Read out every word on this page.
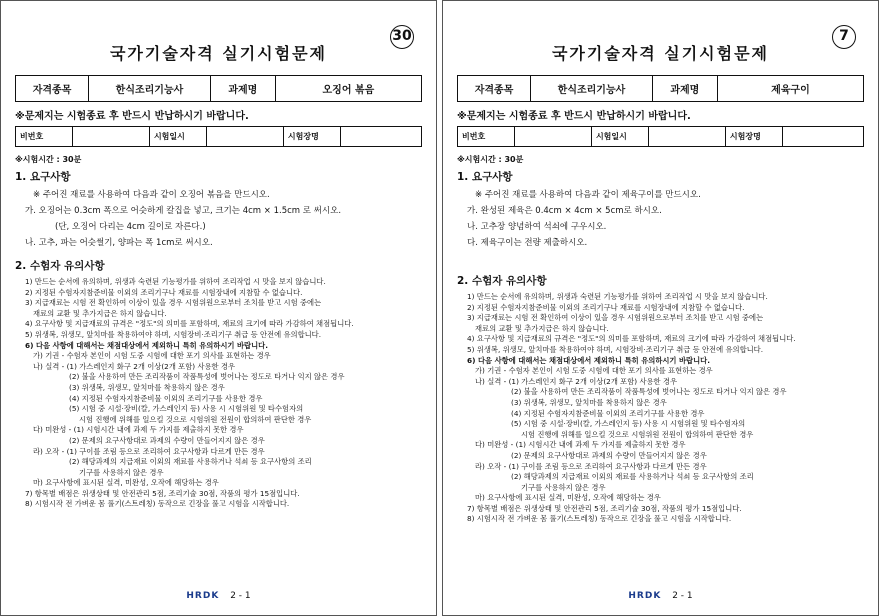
30
국가기술자격 실기시험문제
자격종목	한식조리기능사	과제명	오징어 볶음
※문제지는 시험종료 후 반드시 반납하시기 바랍니다.
비번호		시험일시		시험장명	
※시험시간 : 30분
1. 요구사항
※ 주어진 재료를 사용하여 다음과 같이 오징어 볶음을 만드시오.
가. 오징어는 0.3cm 폭으로 어슷하게 칼집을 넣고, 크기는 4cm × 1.5cm 로 써시오.
(단, 오징어 다리는 4cm 길이로 자른다.)
나. 고추, 파는 어슷썰기, 양파는 폭 1cm로 써시오.
2. 수험자 유의사항
1) 만드는 순서에 유의하며, 위생과 숙련된 기능평가를 위하여 조리작업 시 맛을 보지 않습니다.
2) 지정된 수험자지참준비물 이외의 조리기구나 재료를 시험장내에 지참할 수 없습니다.
3) 지급재료는 시험 전 확인하여 이상이 있을 경우 시험위원으로부터 조치를 받고 시험 중에는
재료의 교환 및 추가지급은 하지 않습니다.
4) 요구사항 및 지급재료의 규격은 "정도"의 의미를 포함하며, 재료의 크기에 따라 가감하여 채점됩니다.
5) 위생복, 위생모, 앞치마를 착용하여야 하며, 시험장비·조리기구 취급 등 안전에 유의합니다.
6) 다음 사항에 대해서는 채점대상에서 제외하니 특히 유의하시기 바랍니다.
가) 기권 - 수험자 본인이 시험 도중 시험에 대한 포기 의사를 표현하는 경우
나) 실격 - (1) 가스레인지 화구 2개 이상(2개 포함) 사용한 경우
(2) 불을 사용하여 만든 조리작품이 작품특성에 벗어나는 정도로 타거나 익지 않은 경우
(3) 위생복, 위생모, 앞치마를 착용하지 않은 경우
(4) 지정된 수험자지참준비물 이외의 조리기구를 사용한 경우
(5) 시험 중 시설·장비(칼, 가스레인지 등) 사용 시 시험위원 및 타수험자의
시험 진행에 위해를 일으킬 것으로 시험위원 전원이 합의하여 판단한 경우
다) 미완성 - (1) 시험시간 내에 과제 두 가지를 제출하지 못한 경우
(2) 문제의 요구사항대로 과제의 수량이 만들어지지 않은 경우
라) 오작 - (1) 구이를 조림 등으로 조리하여 요구사항과 다르게 만든 경우
(2) 해당과제의 지급재료 이외의 재료를 사용하거나 석쇠 등 요구사항의 조리
기구를 사용하지 않은 경우
마) 요구사항에 표시된 실격, 미완성, 오작에 해당하는 경우
7) 항목별 배점은 위생상태 및 안전관리 5점, 조리기술 30점, 작품의 평가 15점입니다.
8) 시험시작 전 가벼운 몸 풀기(스트레칭) 동작으로 긴장을 풀고 시험을 시작합니다.
HRDK 2 - 1
7
국가기술자격 실기시험문제
자격종목	한식조리기능사	과제명	제육구이
※문제지는 시험종료 후 반드시 반납하시기 바랍니다.
비번호		시험일시		시험장명	
※시험시간 : 30분
1. 요구사항
※ 주어진 재료를 사용하여 다음과 같이 제육구이를 만드시오.
가. 완성된 제육은 0.4cm × 4cm × 5cm로 하시오.
나. 고추장 양념하여 석쇠에 구우시오.
다. 제육구이는 전량 제출하시오.
2. 수험자 유의사항
1) 만드는 순서에 유의하며, 위생과 숙련된 기능평가를 위하여 조리작업 시 맛을 보지 않습니다.
2) 지정된 수험자지참준비물 이외의 조리기구나 재료를 시험장내에 지참할 수 없습니다.
3) 지급재료는 시험 전 확인하여 이상이 있을 경우 시험위원으로부터 조치를 받고 시험 중에는
재료의 교환 및 추가지급은 하지 않습니다.
4) 요구사항 및 지급재료의 규격은 "정도"의 의미를 포함하며, 재료의 크기에 따라 가감하여 채점됩니다.
5) 위생복, 위생모, 앞치마를 착용하여야 하며, 시험장비·조리기구 취급 등 안전에 유의합니다.
6) 다음 사항에 대해서는 채점대상에서 제외하니 특히 유의하시기 바랍니다.
가) 기권 - 수험자 본인이 시험 도중 시험에 대한 포기 의사를 표현하는 경우
나) 실격 - (1) 가스레인지 화구 2개 이상(2개 포함) 사용한 경우
(2) 불을 사용하여 만든 조리작품이 작품특성에 벗어나는 정도로 타거나 익지 않은 경우
(3) 위생복, 위생모, 앞치마를 착용하지 않은 경우
(4) 지정된 수험자지참준비물 이외의 조리기구를 사용한 경우
(5) 시험 중 시설·장비(칼, 가스레인지 등) 사용 시 시험위원 및 타수험자의
시험 진행에 위해를 일으킬 것으로 시험위원 전원이 합의하여 판단한 경우
다) 미완성 - (1) 시험시간 내에 과제 두 가지를 제출하지 못한 경우
(2) 문제의 요구사항대로 과제의 수량이 만들어지지 않은 경우
라) 오작 - (1) 구이를 조림 등으로 조리하여 요구사항과 다르게 만든 경우
(2) 해당과제의 지급재료 이외의 재료를 사용하거나 석쇠 등 요구사항의 조리
기구를 사용하지 않은 경우
마) 요구사항에 표시된 실격, 미완성, 오작에 해당하는 경우
7) 항목별 배점은 위생상태 및 안전관리 5점, 조리기술 30점, 작품의 평가 15점입니다.
8) 시험시작 전 가벼운 몸 풀기(스트레칭) 동작으로 긴장을 풀고 시험을 시작합니다.
HRDK 2 - 1
